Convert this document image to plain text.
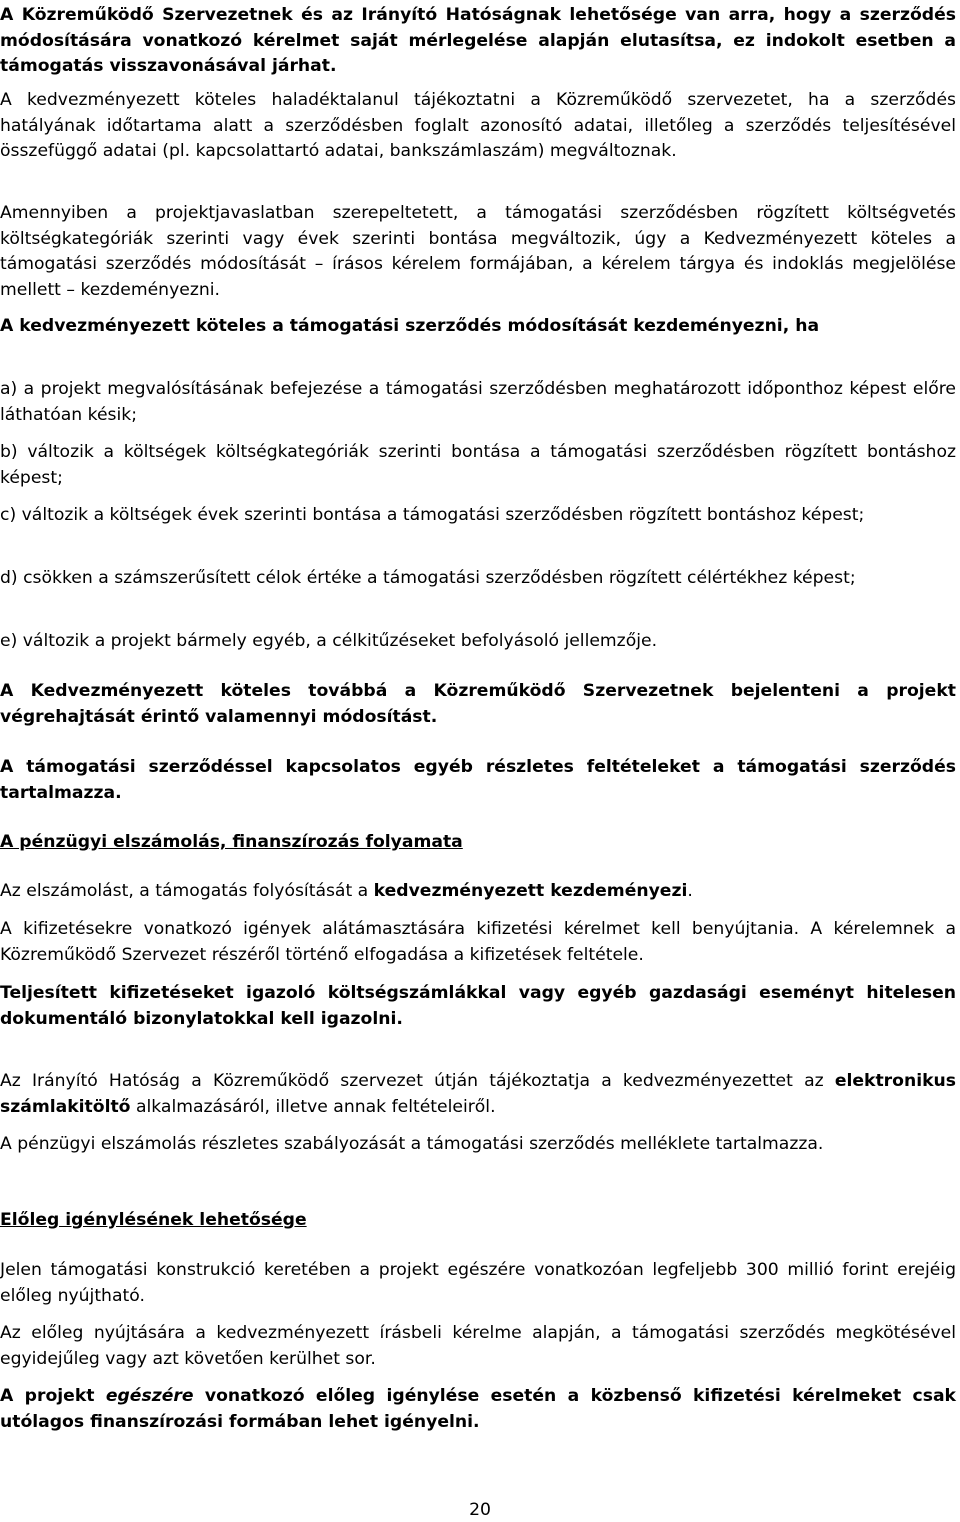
A Közreműködő Szervezetnek és az Irányító Hatóságnak lehetősége van arra, hogy a szerződés módosítására vonatkozó kérelmet saját mérlegelése alapján elutasítsa, ez indokolt esetben a támogatás visszavonásával járhat.

A kedvezményezett köteles haladéktalanul tájékoztatni a Közreműködő szervezetet, ha a szerződés hatályának időtartama alatt a szerződésben foglalt azonosító adatai, illetőleg a szerződés teljesítésével összefüggő adatai (pl. kapcsolattartó adatai, bankszámlaszám) megváltoznak.

Amennyiben a projektjavaslatban szerepeltetett, a támogatási szerződésben rögzített költségvetés költségkategóriák szerinti vagy évek szerinti bontása megváltozik, úgy a Kedvezményezett köteles a támogatási szerződés módosítását – írásos kérelem formájában, a kérelem tárgya és indoklás megjelölése mellett – kezdeményezni.

A kedvezményezett köteles a támogatási szerződés módosítását kezdeményezni, ha

a) a projekt megvalósításának befejezése a támogatási szerződésben meghatározott időponthoz képest előre láthatóan késik;

b) változik a költségek költségkategóriák szerinti bontása a támogatási szerződésben rögzített bontáshoz képest;

c) változik a költségek évek szerinti bontása a támogatási szerződésben rögzített bontáshoz képest;

d) csökken a számszerűsített célok értéke a támogatási szerződésben rögzített célértékhez képest;

e) változik a projekt bármely egyéb, a célkitűzéseket befolyásoló jellemzője.

A Kedvezményezett köteles továbbá a Közreműködő Szervezetnek bejelenteni a projekt végrehajtását érintő valamennyi módosítást.

A támogatási szerződéssel kapcsolatos egyéb részletes feltételeket a támogatási szerződés tartalmazza.

A pénzügyi elszámolás, finanszírozás folyamata

Az elszámolást, a támogatás folyósítását a kedvezményezett kezdeményezi.

A kifizetésekre vonatkozó igények alátámasztására kifizetési kérelmet kell benyújtania. A kérelemnek a Közreműködő Szervezet részéről történő elfogadása a kifizetések feltétele.

Teljesített kifizetéseket igazoló költségszámlákkal vagy egyéb gazdasági eseményt hitelesen dokumentáló bizonylatokkal kell igazolni.

Az Irányító Hatóság a Közreműködő szervezet útján tájékoztatja a kedvezményezettet az elektronikus számlakitöltő alkalmazásáról, illetve annak feltételeiről.

A pénzügyi elszámolás részletes szabályozását a támogatási szerződés melléklete tartalmazza.

Előleg igénylésének lehetősége

Jelen támogatási konstrukció keretében a projekt egészére vonatkozóan legfeljebb 300 millió forint erejéig előleg nyújtható.

Az előleg nyújtására a kedvezményezett írásbeli kérelme alapján, a támogatási szerződés megkötésével egyidejűleg vagy azt követően kerülhet sor.

A projekt egészére vonatkozó előleg igénylése esetén a közbenső kifizetési kérelmeket csak utólagos finanszírozási formában lehet igényelni.

20
